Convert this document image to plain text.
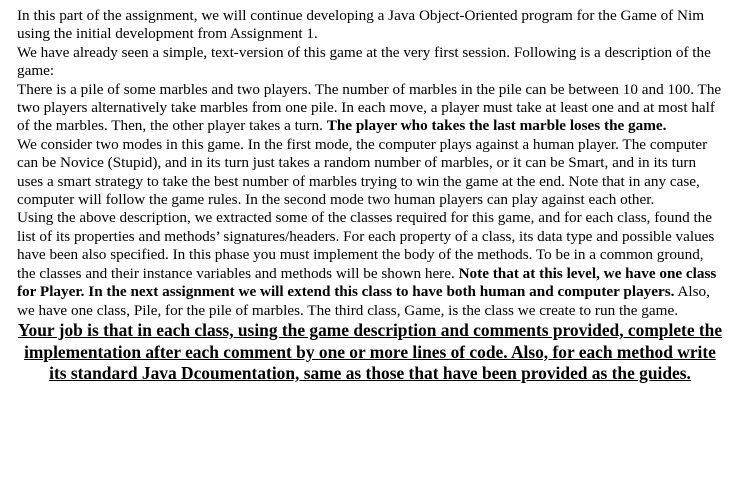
In this part of the assignment, we will continue developing a Java Object-Oriented program for the Game of Nim using the initial development from Assignment 1.

We have already seen a simple, text-version of this game at the very first session. Following is a description of the game:

There is a pile of some marbles and two players. The number of marbles in the pile can be between 10 and 100. The two players alternatively take marbles from one pile. In each move, a player must take at least one and at most half of the marbles. Then, the other player takes a turn. The player who takes the last marble loses the game.

We consider two modes in this game. In the first mode, the computer plays against a human player. The computer can be Novice (Stupid), and in its turn just takes a random number of marbles, or it can be Smart, and in its turn uses a smart strategy to take the best number of marbles trying to win the game at the end. Note that in any case, computer will follow the game rules. In the second mode two human players can play against each other.

Using the above description, we extracted some of the classes required for this game, and for each class, found the list of its properties and methods’ signatures/headers. For each property of a class, its data type and possible values have been also specified. In this phase you must implement the body of the methods. To be in a common ground, the classes and their instance variables and methods will be shown here. Note that at this level, we have one class for Player. In the next assignment we will extend this class to have both human and computer players. Also, we have one class, Pile, for the pile of marbles. The third class, Game, is the class we create to run the game.

Your job is that in each class, using the game description and comments provided, complete the implementation after each comment by one or more lines of code. Also, for each method write its standard Java Dcoumentation, same as those that have been provided as the guides.
